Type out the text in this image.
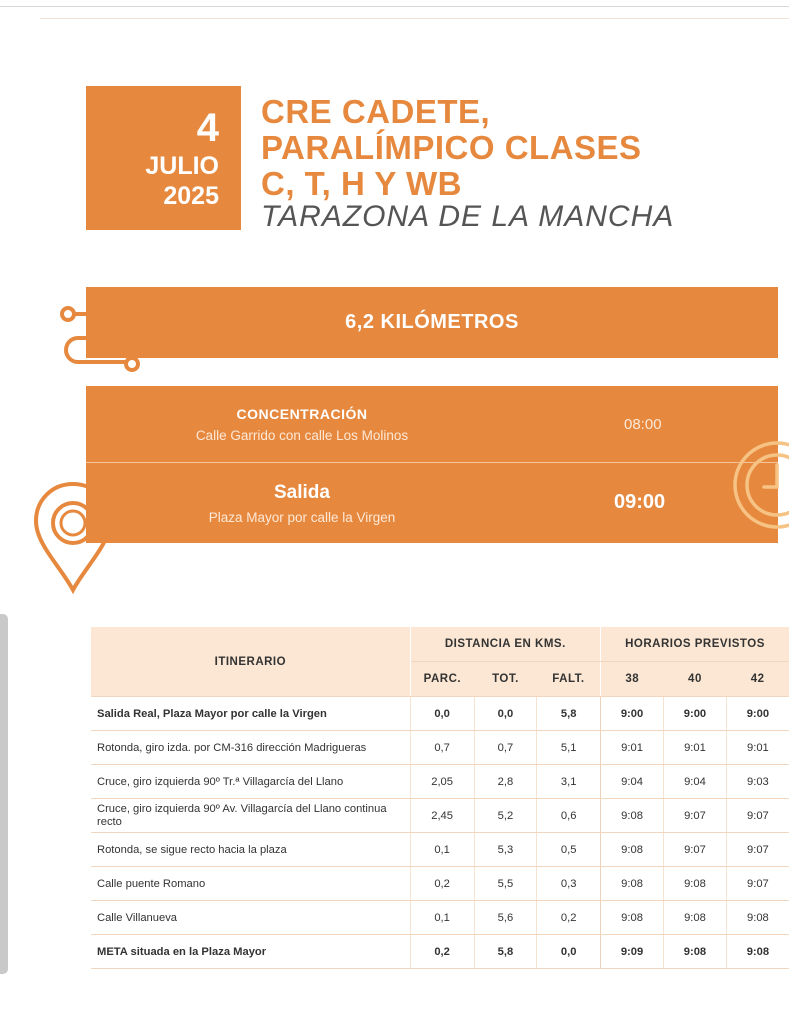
4
JULIO
2025
CRE CADETE,
PARALÍMPICO CLASES
C, T, H Y WB
TARAZONA DE LA MANCHA
6,2 KILÓMETROS
CONCENTRACIÓN
Calle Garrido con calle Los Molinos
08:00
Salida
Plaza Mayor por calle la Virgen
09:00
ITINERARIO	DISTANCIA EN KMS.			HORARIOS PREVISTOS		
	PARC.	TOT.	FALT.	38	40	42
Salida Real, Plaza Mayor por calle la Virgen	0,0	0,0	5,8	9:00	9:00	9:00
Rotonda, giro izda. por CM-316 dirección Madrigueras	0,7	0,7	5,1	9:01	9:01	9:01
Cruce, giro izquierda 90º Tr.ª Villagarcía del Llano	2,05	2,8	3,1	9:04	9:04	9:03
Cruce, giro izquierda 90º Av. Villagarcía del Llano continua recto	2,45	5,2	0,6	9:08	9:07	9:07
Rotonda, se sigue recto hacia la plaza	0,1	5,3	0,5	9:08	9:07	9:07
Calle puente Romano	0,2	5,5	0,3	9:08	9:08	9:07
Calle Villanueva	0,1	5,6	0,2	9:08	9:08	9:08
META situada en la Plaza Mayor	0,2	5,8	0,0	9:09	9:08	9:08
